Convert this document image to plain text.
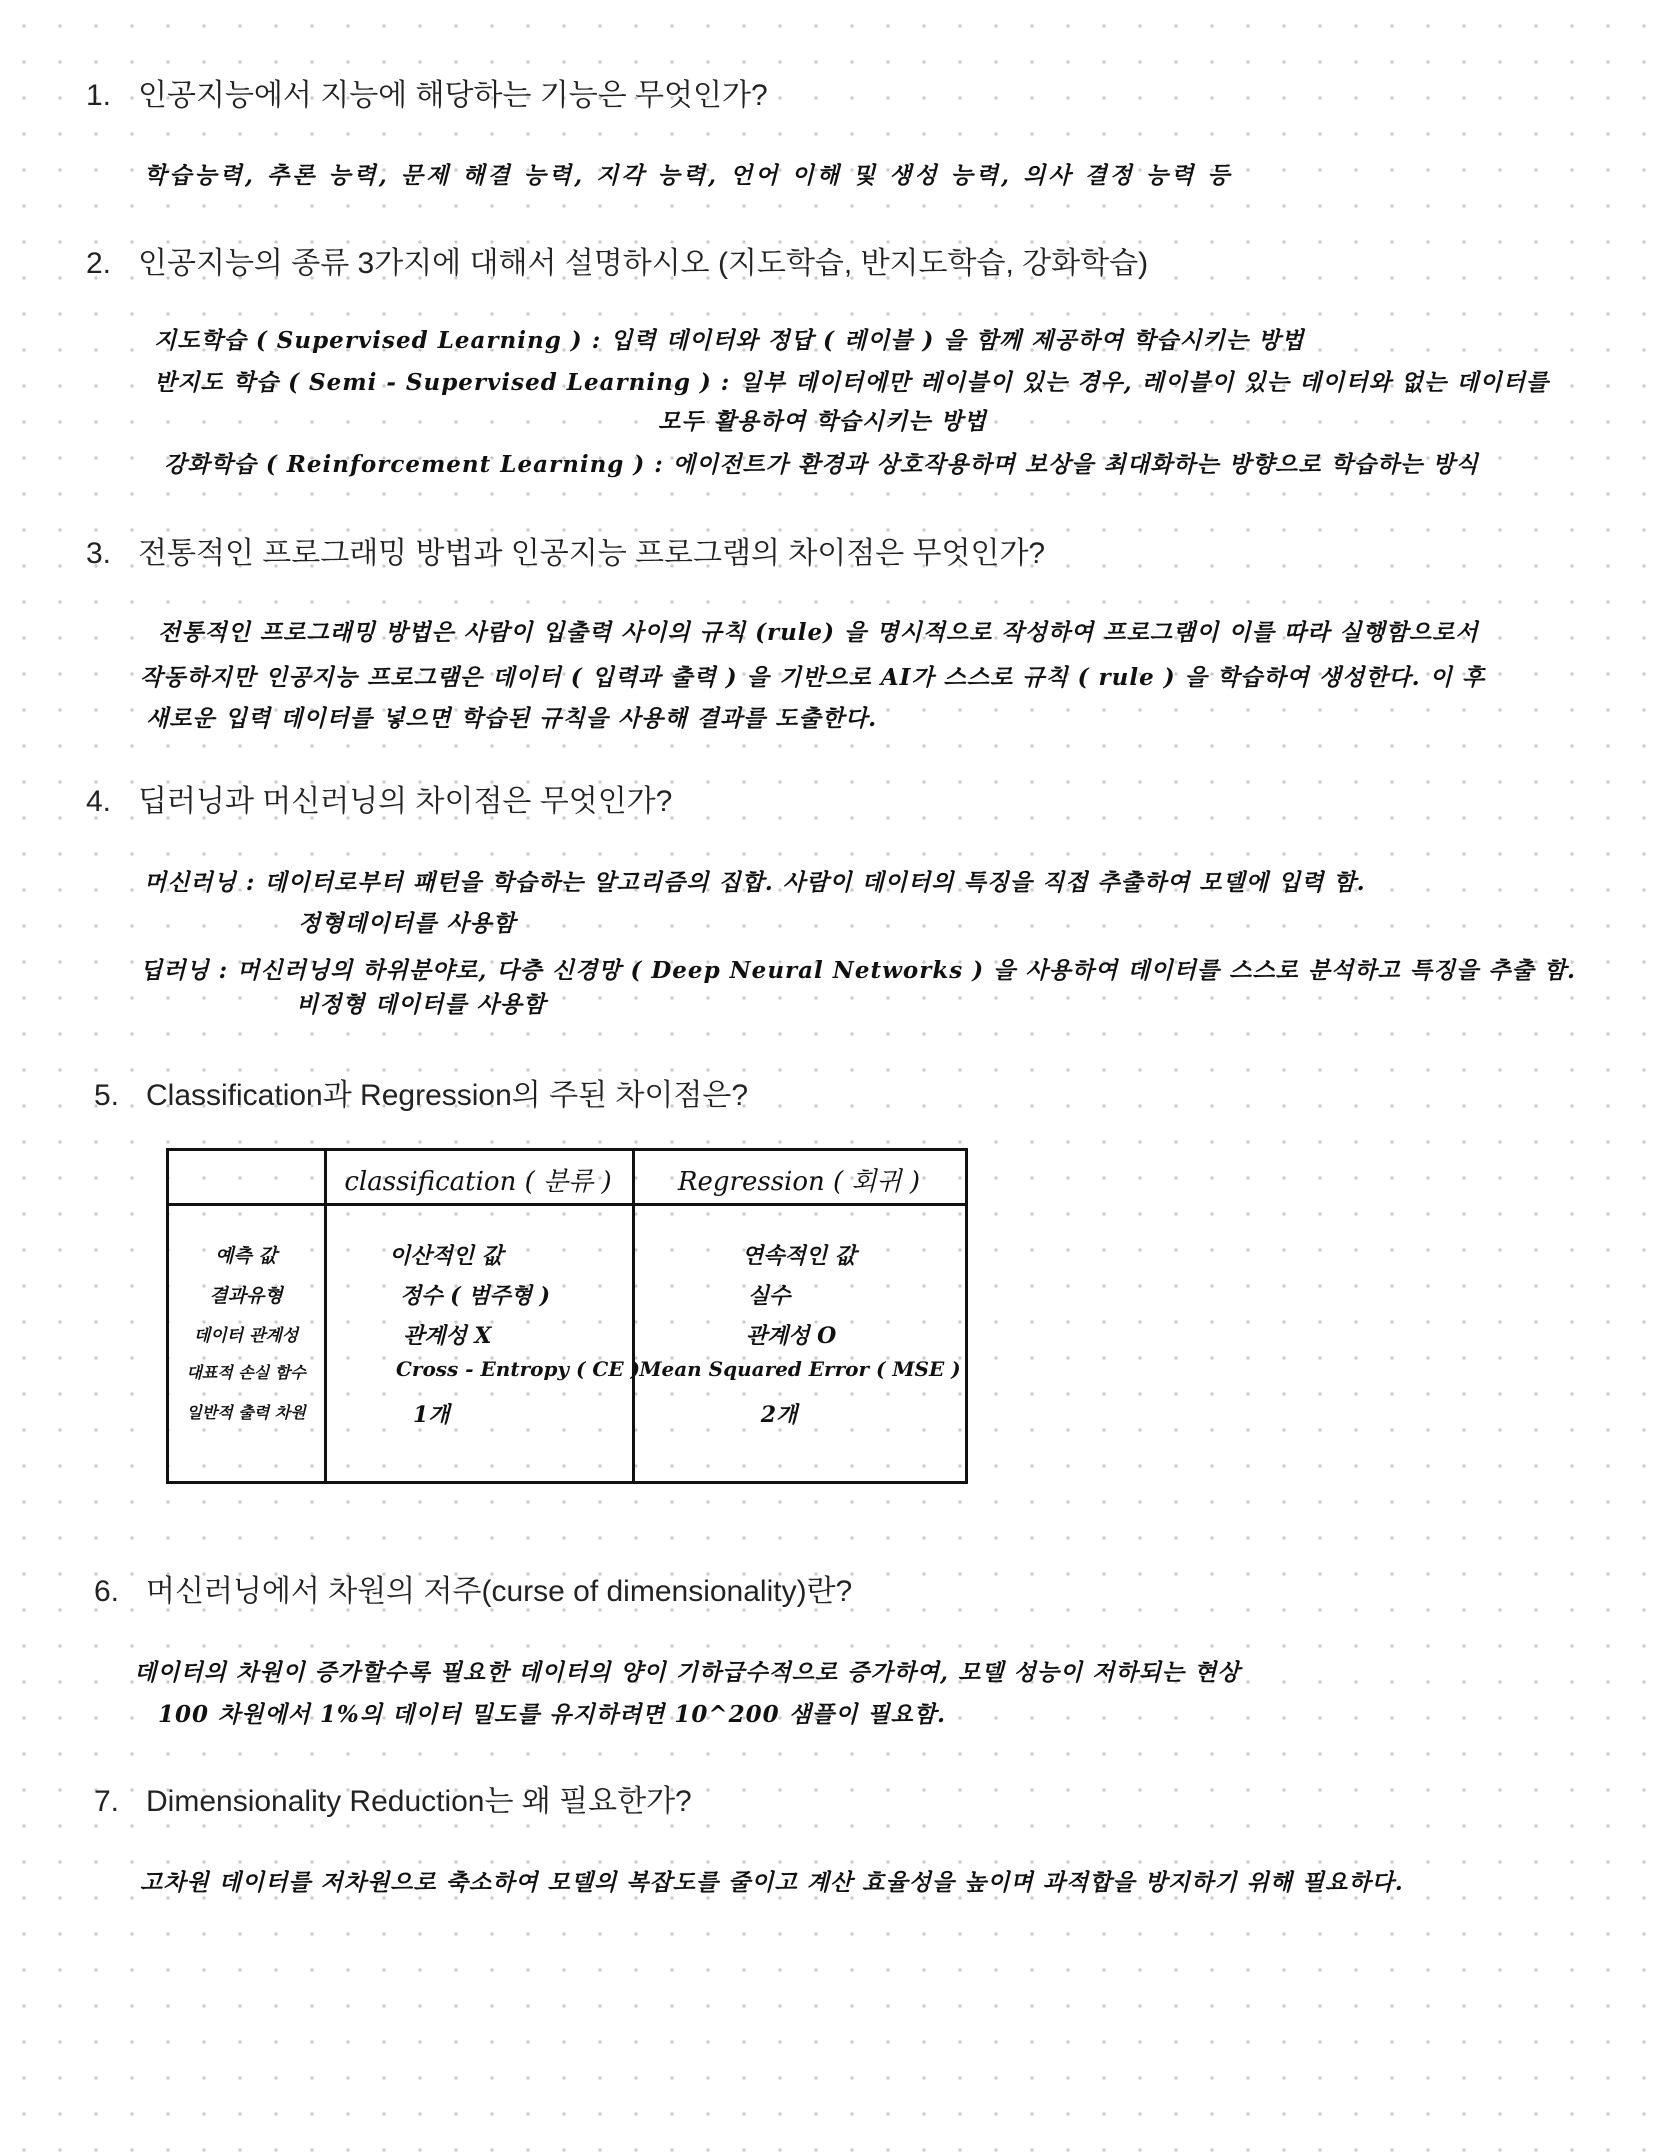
1. 인공지능에서 지능에 해당하는 기능은 무엇인가?
학습능력, 추론 능력, 문제 해결 능력, 지각 능력, 언어 이해 및 생성 능력, 의사 결정 능력 등
2. 인공지능의 종류 3가지에 대해서 설명하시오 (지도학습, 반지도학습, 강화학습)
지도학습 ( Supervised Learning ) : 입력 데이터와 정답 ( 레이블 ) 을 함께 제공하여 학습시키는 방법
반지도 학습 ( Semi - Supervised Learning ) : 일부 데이터에만 레이블이 있는 경우, 레이블이 있는 데이터와 없는 데이터를
모두 활용하여 학습시키는 방법
강화학습 ( Reinforcement Learning ) : 에이전트가 환경과 상호작용하며 보상을 최대화하는 방향으로 학습하는 방식
3. 전통적인 프로그래밍 방법과 인공지능 프로그램의 차이점은 무엇인가?
전통적인 프로그래밍 방법은 사람이 입출력 사이의 규칙 (rule) 을 명시적으로 작성하여 프로그램이 이를 따라 실행함으로서
작동하지만 인공지능 프로그램은 데이터 ( 입력과 출력 ) 을 기반으로 AI가 스스로 규칙 ( rule ) 을 학습하여 생성한다. 이 후
새로운 입력 데이터를 넣으면 학습된 규칙을 사용해 결과를 도출한다.
4. 딥러닝과 머신러닝의 차이점은 무엇인가?
머신러닝 : 데이터로부터 패턴을 학습하는 알고리즘의 집합. 사람이 데이터의 특징을 직접 추출하여 모델에 입력 함.
정형데이터를 사용함
딥러닝 : 머신러닝의 하위분야로, 다층 신경망 ( Deep Neural Networks ) 을 사용하여 데이터를 스스로 분석하고 특징을 추출 함.
비정형 데이터를 사용함
5. Classification과 Regression의 주된 차이점은?
classification ( 분류 )	Regression ( 회귀 )
예측 값
결과유형
데이터 관계성
대표적 손실 함수
일반적 출력 차원
이산적인 값
정수 ( 범주형 )
관계성 X
Cross - Entropy ( CE )
1개
연속적인 값
실수
관계성 O
Mean Squared Error ( MSE )
2개
6. 머신러닝에서 차원의 저주(curse of dimensionality)란?
데이터의 차원이 증가할수록 필요한 데이터의 양이 기하급수적으로 증가하여, 모델 성능이 저하되는 현상
100 차원에서 1%의 데이터 밀도를 유지하려면 10^200 샘플이 필요함.
7. Dimensionality Reduction는 왜 필요한가?
고차원 데이터를 저차원으로 축소하여 모델의 복잡도를 줄이고 계산 효율성을 높이며 과적합을 방지하기 위해 필요하다.
